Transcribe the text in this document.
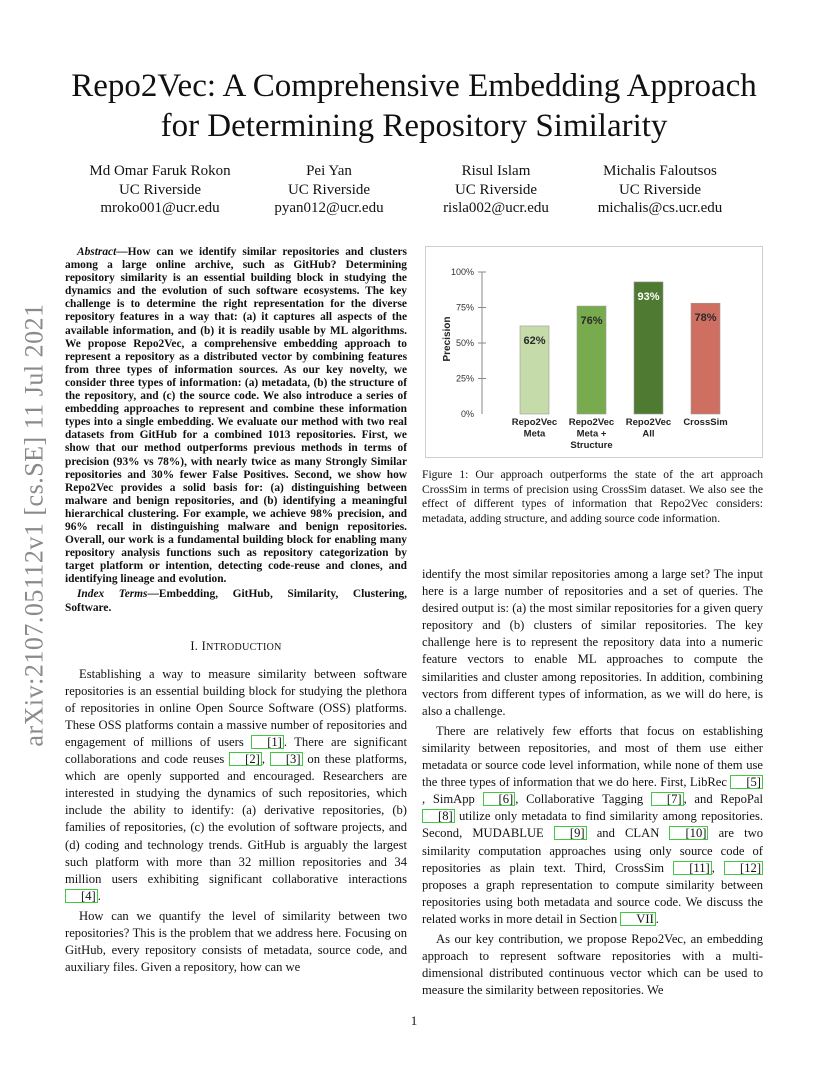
arXiv:2107.05112v1 [cs.SE] 11 Jul 2021
Repo2Vec: A Comprehensive Embedding Approach
for Determining Repository Similarity
Md Omar Faruk Rokon
UC Riverside
mroko001@ucr.edu
Pei Yan
UC Riverside
pyan012@ucr.edu
Risul Islam
UC Riverside
risla002@ucr.edu
Michalis Faloutsos
UC Riverside
michalis@cs.ucr.edu

Abstract—How can we identify similar repositories and clusters among a large online archive, such as GitHub? Determining repository similarity is an essential building block in studying the dynamics and the evolution of such software ecosystems. The key challenge is to determine the right representation for the diverse repository features in a way that: (a) it captures all aspects of the available information, and (b) it is readily usable by ML algorithms. We propose Repo2Vec, a comprehensive embedding approach to represent a repository as a distributed vector by combining features from three types of information sources. As our key novelty, we consider three types of information: (a) metadata, (b) the structure of the repository, and (c) the source code. We also introduce a series of embedding approaches to represent and combine these information types into a single embedding. We evaluate our method with two real datasets from GitHub for a combined 1013 repositories. First, we show that our method outperforms previous methods in terms of precision (93% vs 78%), with nearly twice as many Strongly Similar repositories and 30% fewer False Positives. Second, we show how Repo2Vec provides a solid basis for: (a) distinguishing between malware and benign repositories, and (b) identifying a meaningful hierarchical clustering. For example, we achieve 98% precision, and 96% recall in distinguishing malware and benign repositories. Overall, our work is a fundamental building block for enabling many repository analysis functions such as repository categorization by target platform or intention, detecting code-reuse and clones, and identifying lineage and evolution.

Index Terms—Embedding, GitHub, Similarity, Clustering, Software.

I. INTRODUCTION

Establishing a way to measure similarity between software repositories is an essential building block for studying the plethora of repositories in online Open Source Software (OSS) platforms. These OSS platforms contain a massive number of repositories and engagement of millions of users [1] . There are significant collaborations and code reuses [2] , [3] on these platforms, which are openly supported and encouraged. Researchers are interested in studying the dynamics of such repositories, which include the ability to identify: (a) derivative repositories, (b) families of repositories, (c) the evolution of software projects, and (d) coding and technology trends. GitHub is arguably the largest such platform with more than 32 million repositories and 34 million users exhibiting significant collaborative interactions [4] .

How can we quantify the level of similarity between two repositories? This is the problem that we address here. Focusing on GitHub, every repository consists of metadata, source code, and auxiliary files. Given a repository, how can we

Precision
0%
25%
50%
75%
100%
62%
76%
93%
78%
Repo2Vec Meta
Repo2Vec Meta + Structure
Repo2Vec All
CrossSim
Figure 1: Our approach outperforms the state of the art approach CrossSim in terms of precision using CrossSim dataset. We also see the effect of different types of information that Repo2Vec considers: metadata, adding structure, and adding source code information.

identify the most similar repositories among a large set? The input here is a large number of repositories and a set of queries. The desired output is: (a) the most similar repositories for a given query repository and (b) clusters of similar repositories. The key challenge here is to represent the repository data into a numeric feature vectors to enable ML approaches to compute the similarities and cluster among repositories. In addition, combining vectors from different types of information, as we will do here, is also a challenge.

There are relatively few efforts that focus on establishing similarity between repositories, and most of them use either metadata or source code level information, while none of them use the three types of information that we do here. First, LibRec [5], SimApp [6] , Collaborative Tagging [7] , and RepoPal [8] utilize only metadata to find similarity among repositories. Second, MUDABLUE [9] and CLAN [10] are two similarity computation approaches using only source code of repositories as plain text. Third, CrossSim [11] , [12] proposes a graph representation to compute similarity between repositories using both metadata and source code. We discuss the related works in more detail in Section VII .

As our key contribution, we propose Repo2Vec, an embedding approach to represent software repositories with a multi-dimensional distributed continuous vector which can be used to measure the similarity between repositories. We

1
